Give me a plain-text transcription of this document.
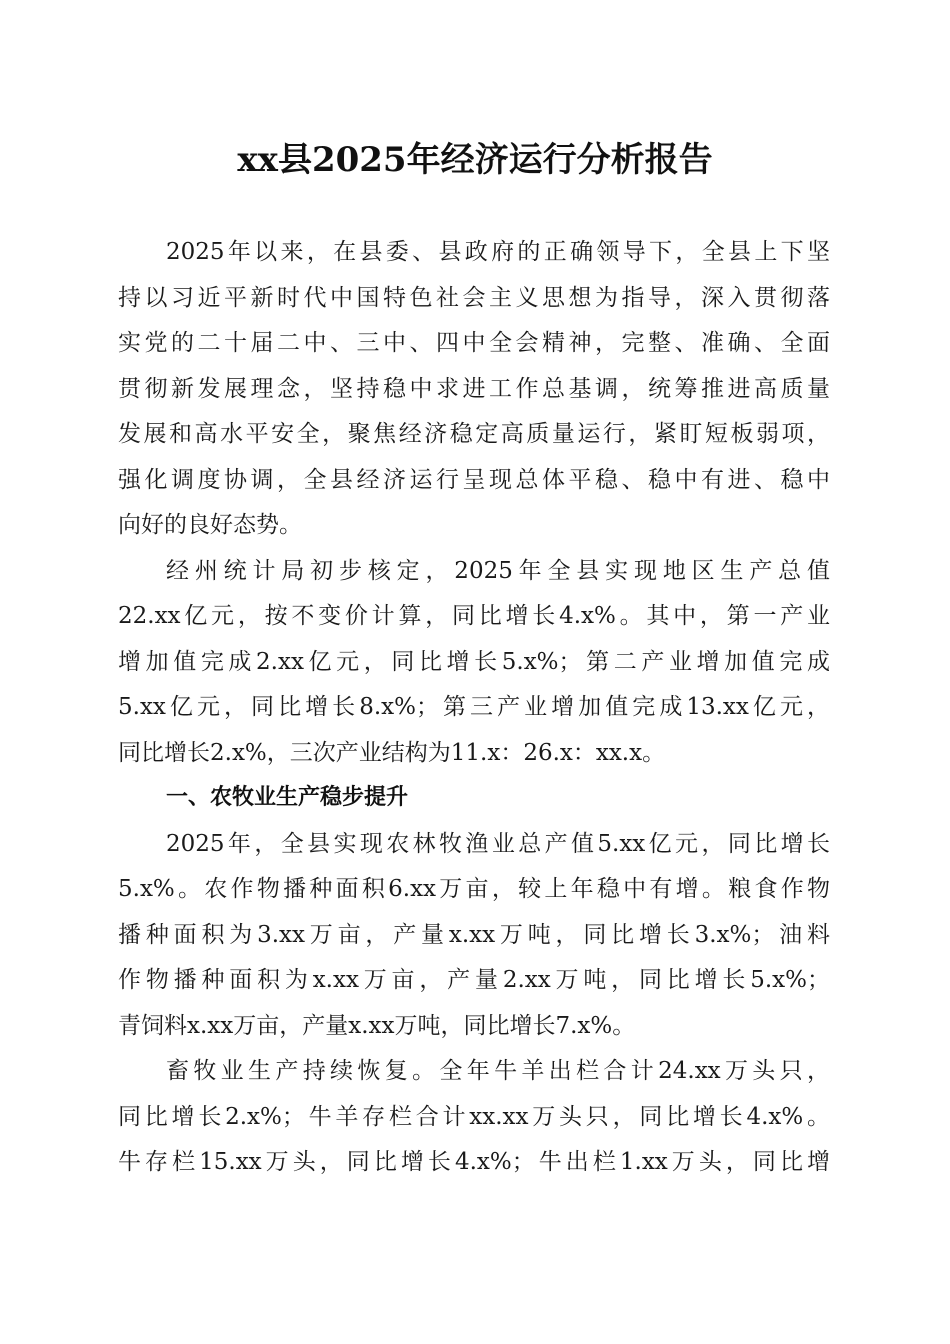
xx县2025年经济运行分析报告
2025年以来，在县委、县政府的正确领导下，全县上下坚
持以习近平新时代中国特色社会主义思想为指导，深入贯彻落
实党的二十届二中、三中、四中全会精神，完整、准确、全面
贯彻新发展理念，坚持稳中求进工作总基调，统筹推进高质量
发展和高水平安全，聚焦经济稳定高质量运行，紧盯短板弱项，
强化调度协调，全县经济运行呈现总体平稳、稳中有进、稳中
向好的良好态势。
经州统计局初步核定，2025年全县实现地区生产总值
22.xx亿元，按不变价计算，同比增长4.x%。其中，第一产业
增加值完成2.xx亿元，同比增长5.x%；第二产业增加值完成
5.xx亿元，同比增长8.x%；第三产业增加值完成13.xx亿元，
同比增长2.x%，三次产业结构为11.x：26.x：xx.x。
一、农牧业生产稳步提升
2025年，全县实现农林牧渔业总产值5.xx亿元，同比增长
5.x%。农作物播种面积6.xx万亩，较上年稳中有增。粮食作物
播种面积为3.xx万亩，产量x.xx万吨，同比增长3.x%；油料
作物播种面积为x.xx万亩，产量2.xx万吨，同比增长5.x%；
青饲料x.xx万亩，产量x.xx万吨，同比增长7.x%。
畜牧业生产持续恢复。全年牛羊出栏合计24.xx万头只，
同比增长2.x%；牛羊存栏合计xx.xx万头只，同比增长4.x%。
牛存栏15.xx万头，同比增长4.x%；牛出栏1.xx万头，同比增
